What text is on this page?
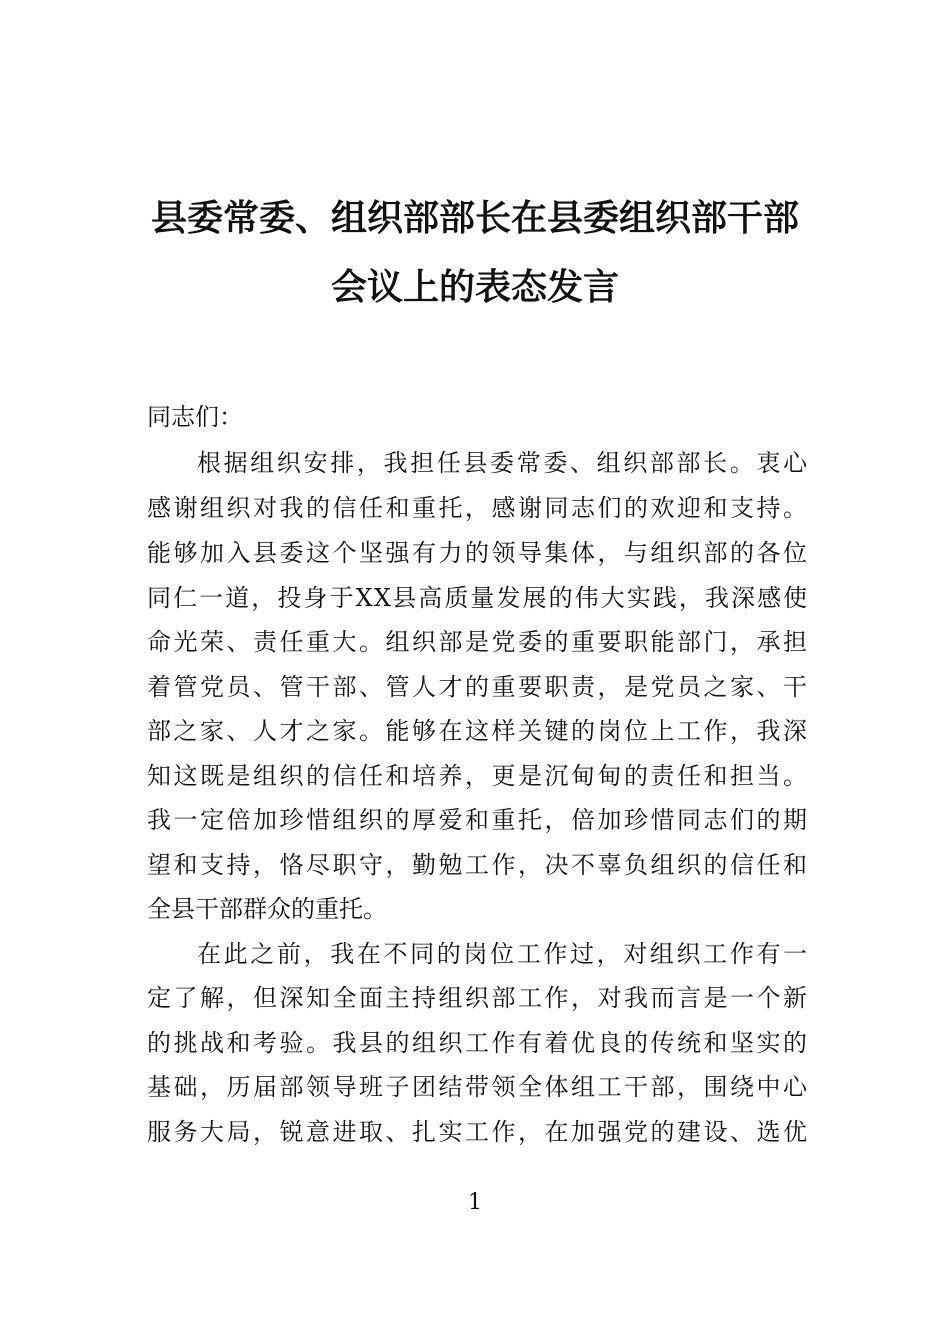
县委常委、组织部部长在县委组织部干部
会议上的表态发言

同志们：

根 据 组 织 安 排 ， 我 担 任 县 委 常 委 、 组 织 部 部 长 。 衷 心

感 谢 组 织 对 我 的 信 任 和 重 托 ， 感 谢 同 志 们 的 欢 迎 和 支 持 。

能 够 加 入 县 委 这 个 坚 强 有 力 的 领 导 集 体 ， 与 组 织 部 的 各 位

同 仁 一 道 ， 投 身 于 X X 县 高 质 量 发 展 的 伟 大 实 践 ， 我 深 感 使

命 光 荣 、 责 任 重 大 。 组 织 部 是 党 委 的 重 要 职 能 部 门 ， 承 担

着 管 党 员 、 管 干 部 、 管 人 才 的 重 要 职 责 ， 是 党 员 之 家 、 干

部 之 家 、 人 才 之 家 。 能 够 在 这 样 关 键 的 岗 位 上 工 作 ， 我 深

知 这 既 是 组 织 的 信 任 和 培 养 ， 更 是 沉 甸 甸 的 责 任 和 担 当 。

我 一 定 倍 加 珍 惜 组 织 的 厚 爱 和 重 托 ， 倍 加 珍 惜 同 志 们 的 期

望 和 支 持 ， 恪 尽 职 守 ， 勤 勉 工 作 ， 决 不 辜 负 组 织 的 信 任 和

全县干部群众的重托。

在 此 之 前 ， 我 在 不 同 的 岗 位 工 作 过 ， 对 组 织 工 作 有 一

定 了 解 ， 但 深 知 全 面 主 持 组 织 部 工 作 ， 对 我 而 言 是 一 个 新

的 挑 战 和 考 验 。 我 县 的 组 织 工 作 有 着 优 良 的 传 统 和 坚 实 的

基 础 ， 历 届 部 领 导 班 子 团 结 带 领 全 体 组 工 干 部 ， 围 绕 中 心

服 务 大 局 ， 锐 意 进 取 、 扎 实 工 作 ， 在 加 强 党 的 建 设 、 选 优

1
